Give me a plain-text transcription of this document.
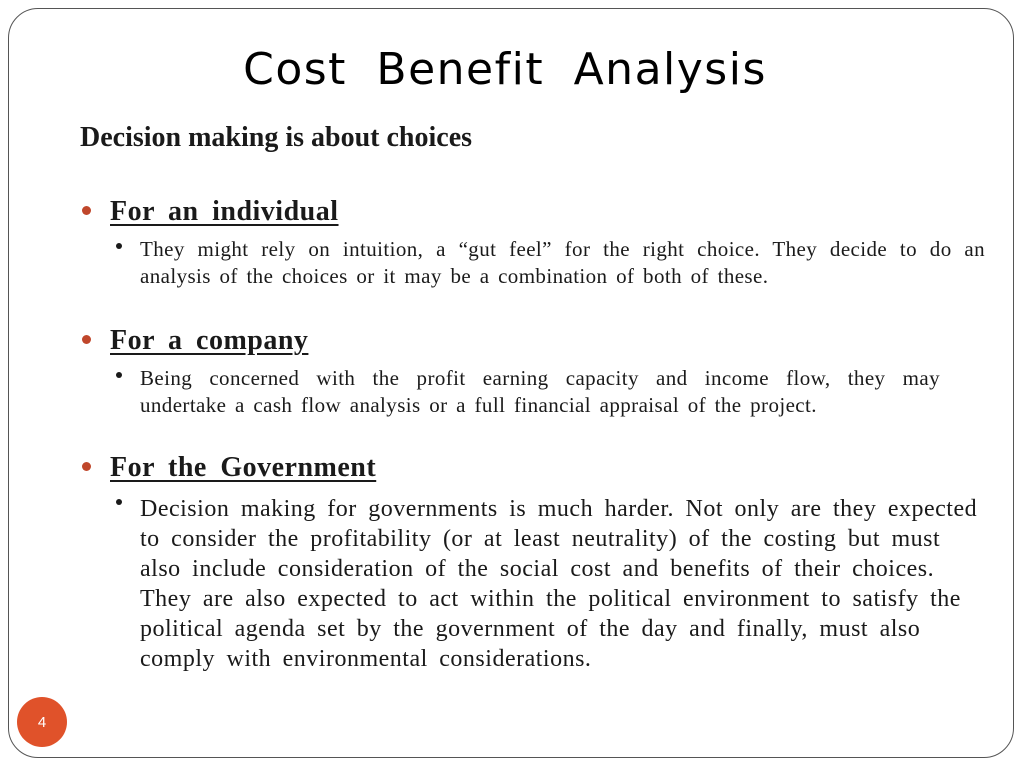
Cost Benefit Analysis
Decision making is about choices
For an individual
They might rely on intuition, a “gut feel” for the right choice. They decide to do an analysis of the choices or it may be a combination of both of these.
For a company
Being concerned with the profit earning capacity and income flow, they may undertake a cash flow analysis or a full financial appraisal of the project.
For the Government
Decision making for governments is much harder. Not only are they expected to consider the profitability (or at least neutrality) of the costing but must also include consideration of the social cost and benefits of their choices. They are also expected to act within the political environment to satisfy the political agenda set by the government of the day and finally, must also comply with environmental considerations.
4
